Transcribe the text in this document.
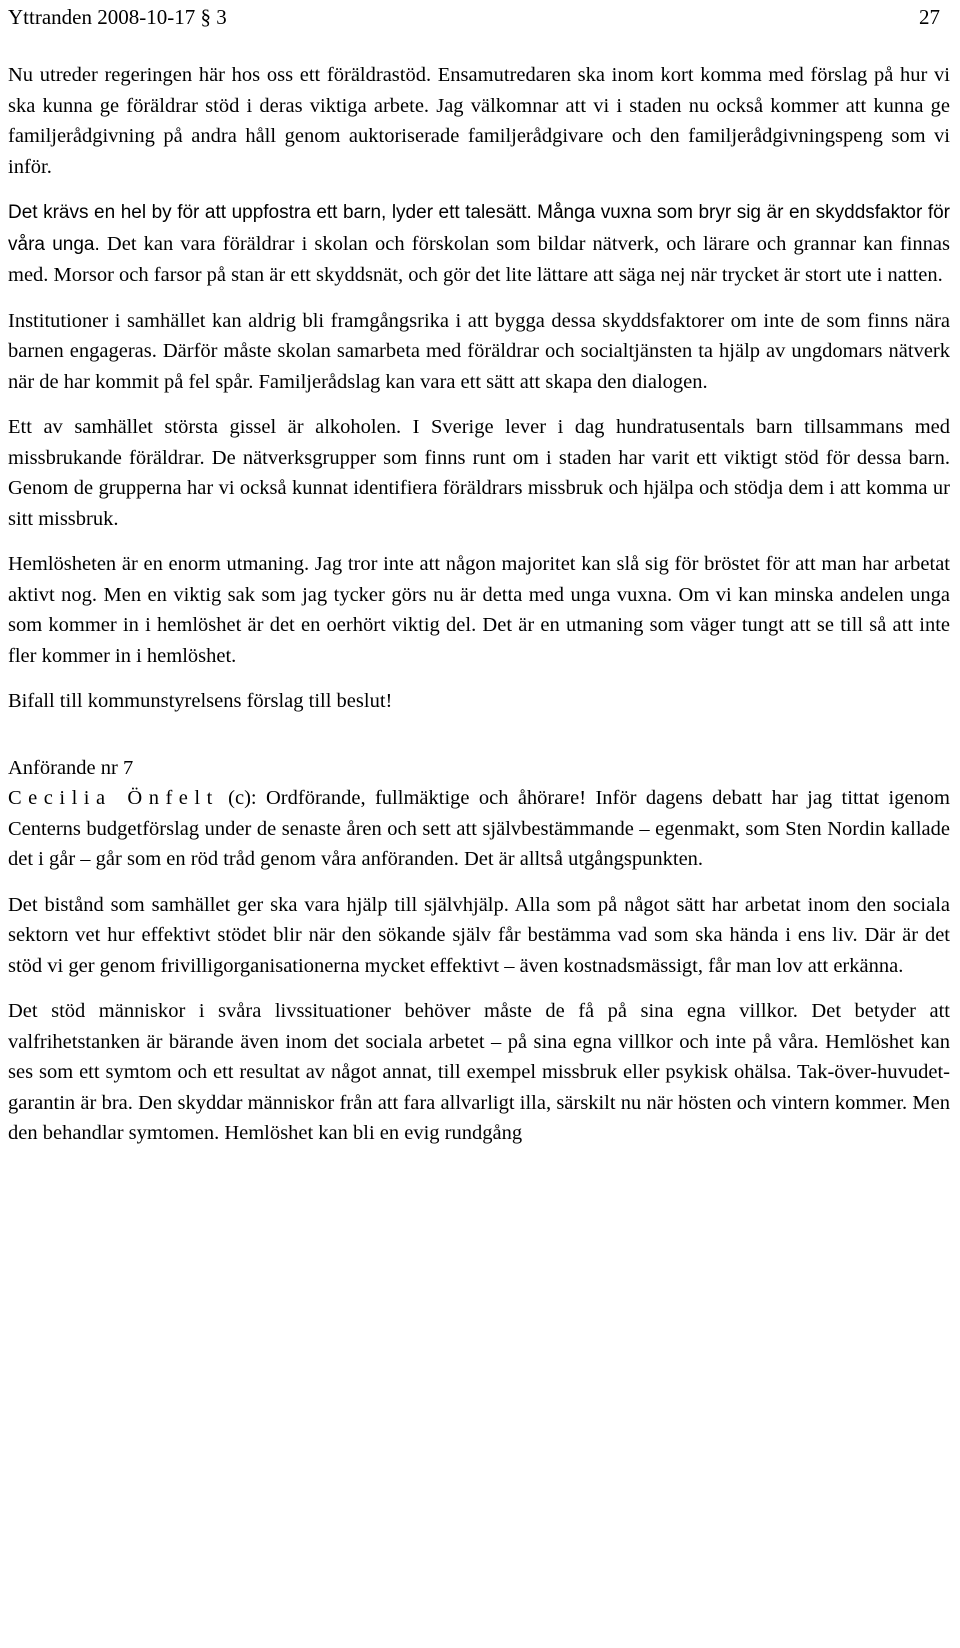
Yttranden 2008-10-17 § 3	27

Nu utreder regeringen här hos oss ett föräldrastöd. Ensamutredaren ska inom kort komma med förslag på hur vi ska kunna ge föräldrar stöd i deras viktiga arbete. Jag välkomnar att vi i staden nu också kommer att kunna ge familjerådgivning på andra håll genom auktoriserade familjerådgivare och den familjerådgivningspeng som vi inför.

Det krävs en hel by för att uppfostra ett barn, lyder ett talesätt. Många vuxna som bryr sig är en skyddsfaktor för våra unga. Det kan vara föräldrar i skolan och förskolan som bildar nätverk, och lärare och grannar kan finnas med. Morsor och farsor på stan är ett skyddsnät, och gör det lite lättare att säga nej när trycket är stort ute i natten.

Institutioner i samhället kan aldrig bli framgångsrika i att bygga dessa skyddsfaktorer om inte de som finns nära barnen engageras. Därför måste skolan samarbeta med föräldrar och socialtjänsten ta hjälp av ungdomars nätverk när de har kommit på fel spår. Familjerådslag kan vara ett sätt att skapa den dialogen.

Ett av samhället största gissel är alkoholen. I Sverige lever i dag hundratusentals barn tillsammans med missbrukande föräldrar. De nätverksgrupper som finns runt om i staden har varit ett viktigt stöd för dessa barn. Genom de grupperna har vi också kunnat identifiera föräldrars missbruk och hjälpa och stödja dem i att komma ur sitt missbruk.

Hemlösheten är en enorm utmaning. Jag tror inte att någon majoritet kan slå sig för bröstet för att man har arbetat aktivt nog. Men en viktig sak som jag tycker görs nu är detta med unga vuxna. Om vi kan minska andelen unga som kommer in i hemlöshet är det en oerhört viktig del. Det är en utmaning som väger tungt att se till så att inte fler kommer in i hemlöshet.

Bifall till kommunstyrelsens förslag till beslut!

Anförande nr 7

Cecilia Önfelt (c): Ordförande, fullmäktige och åhörare! Inför dagens debatt har jag tittat igenom Centerns budgetförslag under de senaste åren och sett att självbestämmande – egenmakt, som Sten Nordin kallade det i går – går som en röd tråd genom våra anföranden. Det är alltså utgångspunkten.

Det bistånd som samhället ger ska vara hjälp till självhjälp. Alla som på något sätt har arbetat inom den sociala sektorn vet hur effektivt stödet blir när den sökande själv får bestämma vad som ska hända i ens liv. Där är det stöd vi ger genom frivilligorganisationerna mycket effektivt – även kostnadsmässigt, får man lov att erkänna.

Det stöd människor i svåra livssituationer behöver måste de få på sina egna villkor. Det betyder att valfrihetstanken är bärande även inom det sociala arbetet – på sina egna villkor och inte på våra. Hemlöshet kan ses som ett symtom och ett resultat av något annat, till exempel missbruk eller psykisk ohälsa. Tak-över-huvudet-garantin är bra. Den skyddar människor från att fara allvarligt illa, särskilt nu när hösten och vintern kommer. Men den behandlar symtomen. Hemlöshet kan bli en evig rundgång
